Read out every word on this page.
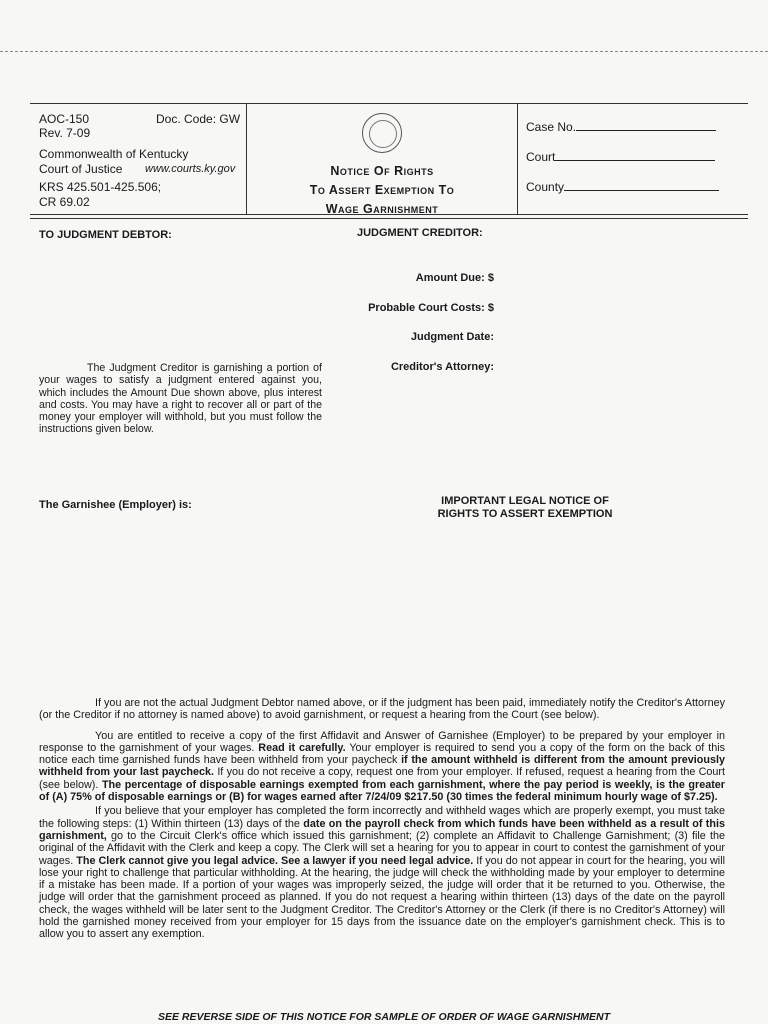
AOC-150	Doc. Code: GW
Rev. 7-09
Commonwealth of Kentucky
Court of Justice www.courts.ky.gov
KRS 425.501-425.506;
CR 69.02
Notice Of Rights
To Assert Exemption To
Wage Garnishment
Case No.
Court
County
TO JUDGMENT DEBTOR:	JUDGMENT CREDITOR:
Amount Due: $
Probable Court Costs: $
Judgment Date:
Creditor's Attorney:
The Judgment Creditor is garnishing a portion of your wages to satisfy a judgment entered against you, which includes the Amount Due shown above, plus interest and costs. You may have a right to recover all or part of the money your employer will withhold, but you must follow the instructions given below.
The Garnishee (Employer) is:	IMPORTANT LEGAL NOTICE OF
RIGHTS TO ASSERT EXEMPTION

If you are not the actual Judgment Debtor named above, or if the judgment has been paid, immediately notify the Creditor's Attorney (or the Creditor if no attorney is named above) to avoid garnishment, or request a hearing from the Court (see below).

You are entitled to receive a copy of the first Affidavit and Answer of Garnishee (Employer) to be prepared by your employer in response to the garnishment of your wages. Read it carefully. Your employer is required to send you a copy of the form on the back of this notice each time garnished funds have been withheld from your paycheck if the amount withheld is different from the amount previously withheld from your last paycheck. If you do not receive a copy, request one from your employer. If refused, request a hearing from the Court (see below). The percentage of disposable earnings exempted from each garnishment, where the pay period is weekly, is the greater of (A) 75% of disposable earnings or (B) for wages earned after 7/24/09 $217.50 (30 times the federal minimum hourly wage of $7.25).

If you believe that your employer has completed the form incorrectly and withheld wages which are properly exempt, you must take the following steps: (1) Within thirteen (13) days of the date on the payroll check from which funds have been withheld as a result of this garnishment, go to the Circuit Clerk's office which issued this garnishment; (2) complete an Affidavit to Challenge Garnishment; (3) file the original of the Affidavit with the Clerk and keep a copy. The Clerk will set a hearing for you to appear in court to contest the garnishment of your wages. The Clerk cannot give you legal advice. See a lawyer if you need legal advice. If you do not appear in court for the hearing, you will lose your right to challenge that particular withholding. At the hearing, the judge will check the withholding made by your employer to determine if a mistake has been made. If a portion of your wages was improperly seized, the judge will order that it be returned to you. Otherwise, the judge will order that the garnishment proceed as planned. If you do not request a hearing within thirteen (13) days of the date on the payroll check, the wages withheld will be later sent to the Judgment Creditor. The Creditor's Attorney or the Clerk (if there is no Creditor's Attorney) will hold the garnished money received from your employer for 15 days from the issuance date on the employer's garnishment check. This is to allow you to assert any exemption.

SEE REVERSE SIDE OF THIS NOTICE FOR SAMPLE OF ORDER OF WAGE GARNISHMENT
